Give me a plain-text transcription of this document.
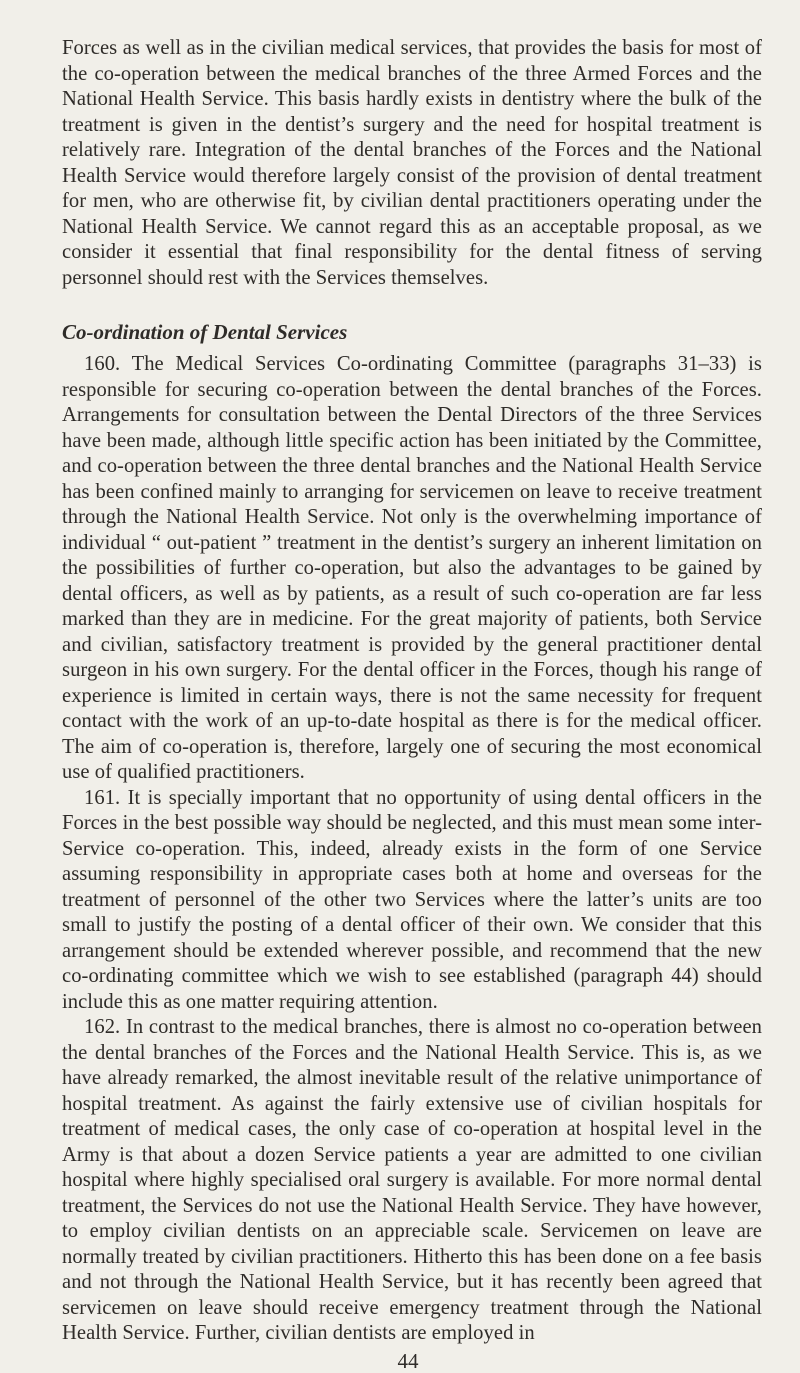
Forces as well as in the civilian medical services, that provides the basis for most of the co-operation between the medical branches of the three Armed Forces and the National Health Service. This basis hardly exists in dentistry where the bulk of the treatment is given in the dentist’s surgery and the need for hospital treatment is relatively rare. Integration of the dental branches of the Forces and the National Health Service would therefore largely consist of the provision of dental treatment for men, who are otherwise fit, by civilian dental practitioners operating under the National Health Service. We cannot regard this as an acceptable proposal, as we consider it essential that final responsibility for the dental fitness of serving personnel should rest with the Services themselves.

Co-ordination of Dental Services

160. The Medical Services Co-ordinating Committee (paragraphs 31–33) is responsible for securing co-operation between the dental branches of the Forces. Arrangements for consultation between the Dental Directors of the three Services have been made, although little specific action has been initiated by the Committee, and co-operation between the three dental branches and the National Health Service has been confined mainly to arranging for servicemen on leave to receive treatment through the National Health Service. Not only is the overwhelming importance of individual “ out-patient ” treatment in the dentist’s surgery an inherent limitation on the possibilities of further co-operation, but also the advantages to be gained by dental officers, as well as by patients, as a result of such co-operation are far less marked than they are in medicine. For the great majority of patients, both Service and civilian, satisfactory treatment is provided by the general practitioner dental surgeon in his own surgery. For the dental officer in the Forces, though his range of experience is limited in certain ways, there is not the same necessity for frequent contact with the work of an up-to-date hospital as there is for the medical officer. The aim of co-operation is, therefore, largely one of securing the most economical use of qualified practitioners.

161. It is specially important that no opportunity of using dental officers in the Forces in the best possible way should be neglected, and this must mean some inter-Service co-operation. This, indeed, already exists in the form of one Service assuming responsibility in appropriate cases both at home and overseas for the treatment of personnel of the other two Services where the latter’s units are too small to justify the posting of a dental officer of their own. We consider that this arrangement should be extended wherever possible, and recommend that the new co-ordinating committee which we wish to see established (paragraph 44) should include this as one matter requiring attention.

162. In contrast to the medical branches, there is almost no co-operation between the dental branches of the Forces and the National Health Service. This is, as we have already remarked, the almost inevitable result of the relative unimportance of hospital treatment. As against the fairly extensive use of civilian hospitals for treatment of medical cases, the only case of co-operation at hospital level in the Army is that about a dozen Service patients a year are admitted to one civilian hospital where highly specialised oral surgery is available. For more normal dental treatment, the Services do not use the National Health Service. They have however, to employ civilian dentists on an appreciable scale. Servicemen on leave are normally treated by civilian practitioners. Hitherto this has been done on a fee basis and not through the National Health Service, but it has recently been agreed that servicemen on leave should receive emergency treatment through the National Health Service. Further, civilian dentists are employed in

44
